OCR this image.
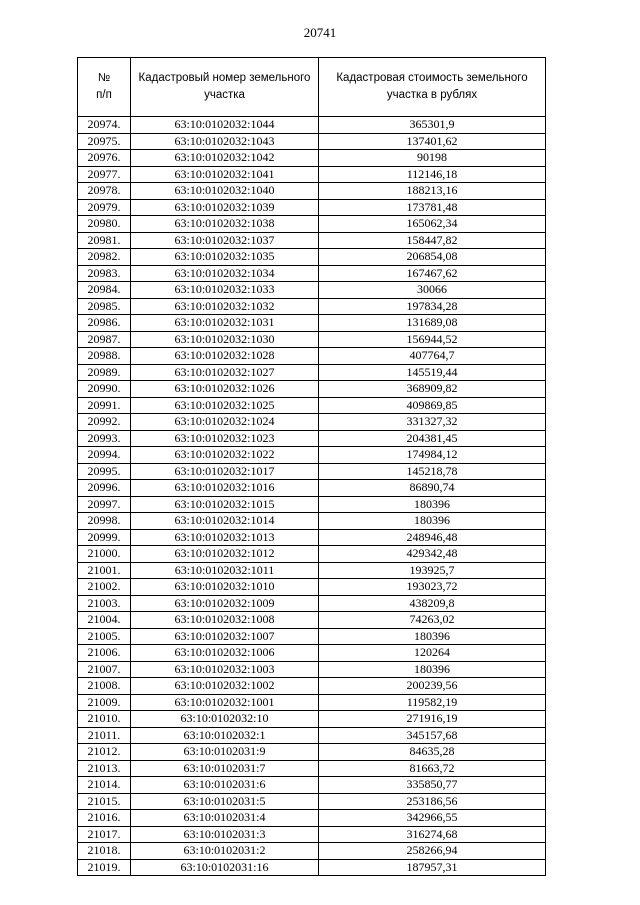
20741
№
п/п	Кадастровый номер земельного участка	Кадастровая стоимость земельного участка в рублях
20974.	63:10:0102032:1044	365301,9
20975.	63:10:0102032:1043	137401,62
20976.	63:10:0102032:1042	90198
20977.	63:10:0102032:1041	112146,18
20978.	63:10:0102032:1040	188213,16
20979.	63:10:0102032:1039	173781,48
20980.	63:10:0102032:1038	165062,34
20981.	63:10:0102032:1037	158447,82
20982.	63:10:0102032:1035	206854,08
20983.	63:10:0102032:1034	167467,62
20984.	63:10:0102032:1033	30066
20985.	63:10:0102032:1032	197834,28
20986.	63:10:0102032:1031	131689,08
20987.	63:10:0102032:1030	156944,52
20988.	63:10:0102032:1028	407764,7
20989.	63:10:0102032:1027	145519,44
20990.	63:10:0102032:1026	368909,82
20991.	63:10:0102032:1025	409869,85
20992.	63:10:0102032:1024	331327,32
20993.	63:10:0102032:1023	204381,45
20994.	63:10:0102032:1022	174984,12
20995.	63:10:0102032:1017	145218,78
20996.	63:10:0102032:1016	86890,74
20997.	63:10:0102032:1015	180396
20998.	63:10:0102032:1014	180396
20999.	63:10:0102032:1013	248946,48
21000.	63:10:0102032:1012	429342,48
21001.	63:10:0102032:1011	193925,7
21002.	63:10:0102032:1010	193023,72
21003.	63:10:0102032:1009	438209,8
21004.	63:10:0102032:1008	74263,02
21005.	63:10:0102032:1007	180396
21006.	63:10:0102032:1006	120264
21007.	63:10:0102032:1003	180396
21008.	63:10:0102032:1002	200239,56
21009.	63:10:0102032:1001	119582,19
21010.	63:10:0102032:10	271916,19
21011.	63:10:0102032:1	345157,68
21012.	63:10:0102031:9	84635,28
21013.	63:10:0102031:7	81663,72
21014.	63:10:0102031:6	335850,77
21015.	63:10:0102031:5	253186,56
21016.	63:10:0102031:4	342966,55
21017.	63:10:0102031:3	316274,68
21018.	63:10:0102031:2	258266,94
21019.	63:10:0102031:16	187957,31
